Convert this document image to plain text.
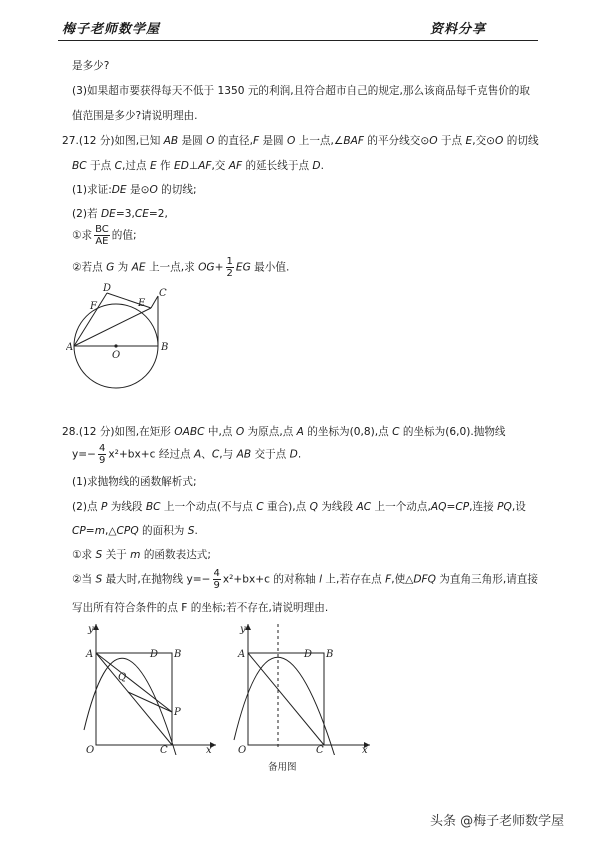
梅子老师数学屋	资料分享
是多少?
(3)如果超市要获得每天不低于 1350 元的利润,且符合超市自己的规定,那么该商品每千克售价的取
值范围是多少?请说明理由.
27.(12 分)如图,已知 AB 是圆 O 的直径,F 是圆 O 上一点,∠BAF 的平分线交⊙O 于点 E,交⊙O 的切线
BC 于点 C,过点 E 作 ED⊥AF,交 AF 的延长线于点 D.
(1)求证:DE 是⊙O 的切线;
(2)若 DE=3,CE=2,
①求 $\frac{BC}{AE}$ 的值;
②若点 G 为 AE 上一点,求 $OG+ \frac{1}{2}$ EG 最小值.
D
F	E
C
A
O
B
28.(12 分)如图,在矩形 OABC 中,点 O 为原点,点 A 的坐标为(0,8),点 C 的坐标为(6,0).抛物线
$y=- \frac{4}{9} x^2+bx+c$ 经过点 A、C,与 AB 交于点 D.
(1)求抛物线的函数解析式;
(2)点 P 为线段 BC 上一个动点(不与点 C 重合),点 Q 为线段 AC 上一个动点,AQ=CP,连接 PQ,设
CP=m,△CPQ 的面积为 S.
①求 S 关于 m 的函数表达式;
②当 S 最大时,在抛物线 $y=- \frac{4}{9} x^2+bx+c$ 的对称轴 l 上,若存在点 F,使△DFQ 为直角三角形,请直接
写出所有符合条件的点 F 的坐标;若不存在,请说明理由.
y
A	D B
Q
P
O	C	x
y
A	D B
O	C	x
备用图
头条 @梅子老师数学屋
